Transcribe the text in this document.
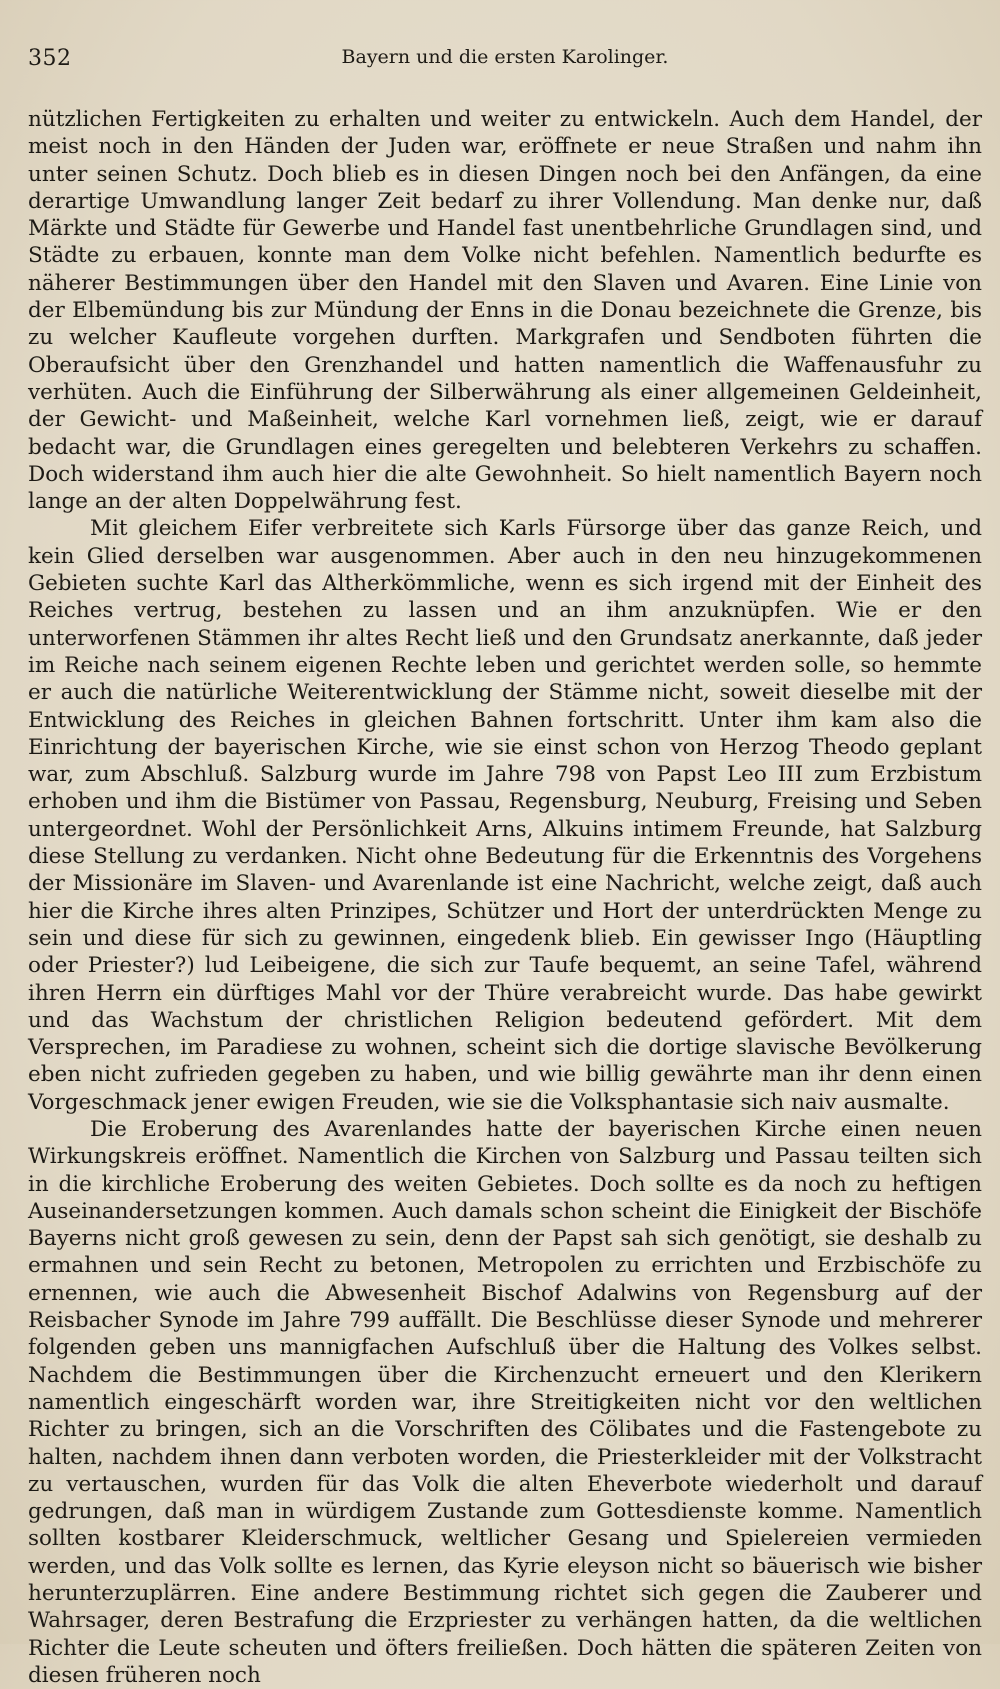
352	Bayern und die ersten Karolinger.

nützlichen Fertigkeiten zu erhalten und weiter zu entwickeln. Auch dem Handel, der meist noch in den Händen der Juden war, eröffnete er neue Straßen und nahm ihn unter seinen Schutz. Doch blieb es in diesen Dingen noch bei den Anfängen, da eine derartige Umwandlung langer Zeit bedarf zu ihrer Vollendung. Man denke nur, daß Märkte und Städte für Gewerbe und Handel fast unentbehrliche Grundlagen sind, und Städte zu erbauen, konnte man dem Volke nicht befehlen. Namentlich bedurfte es näherer Bestimmungen über den Handel mit den Slaven und Avaren. Eine Linie von der Elbemündung bis zur Mündung der Enns in die Donau bezeichnete die Grenze, bis zu welcher Kaufleute vorgehen durften. Markgrafen und Sendboten führten die Oberaufsicht über den Grenzhandel und hatten namentlich die Waffenausfuhr zu verhüten. Auch die Einführung der Silberwährung als einer allgemeinen Geldeinheit, der Gewicht- und Maßeinheit, welche Karl vornehmen ließ, zeigt, wie er darauf bedacht war, die Grundlagen eines geregelten und belebteren Verkehrs zu schaffen. Doch widerstand ihm auch hier die alte Gewohnheit. So hielt namentlich Bayern noch lange an der alten Doppelwährung fest.

Mit gleichem Eifer verbreitete sich Karls Fürsorge über das ganze Reich, und kein Glied derselben war ausgenommen. Aber auch in den neu hinzugekommenen Gebieten suchte Karl das Altherkömmliche, wenn es sich irgend mit der Einheit des Reiches vertrug, bestehen zu lassen und an ihm anzuknüpfen. Wie er den unterworfenen Stämmen ihr altes Recht ließ und den Grundsatz anerkannte, daß jeder im Reiche nach seinem eigenen Rechte leben und gerichtet werden solle, so hemmte er auch die natürliche Weiterentwicklung der Stämme nicht, soweit dieselbe mit der Entwicklung des Reiches in gleichen Bahnen fortschritt. Unter ihm kam also die Einrichtung der bayerischen Kirche, wie sie einst schon von Herzog Theodo geplant war, zum Abschluß. Salzburg wurde im Jahre 798 von Papst Leo III zum Erzbistum erhoben und ihm die Bistümer von Passau, Regensburg, Neuburg, Freising und Seben untergeordnet. Wohl der Persönlichkeit Arns, Alkuins intimem Freunde, hat Salzburg diese Stellung zu verdanken. Nicht ohne Bedeutung für die Erkenntnis des Vorgehens der Missionäre im Slaven- und Avarenlande ist eine Nachricht, welche zeigt, daß auch hier die Kirche ihres alten Prinzipes, Schützer und Hort der unterdrückten Menge zu sein und diese für sich zu gewinnen, eingedenk blieb. Ein gewisser Ingo (Häuptling oder Priester?) lud Leibeigene, die sich zur Taufe bequemt, an seine Tafel, während ihren Herrn ein dürftiges Mahl vor der Thüre verabreicht wurde. Das habe gewirkt und das Wachstum der christlichen Religion bedeutend gefördert. Mit dem Versprechen, im Paradiese zu wohnen, scheint sich die dortige slavische Bevölkerung eben nicht zufrieden gegeben zu haben, und wie billig gewährte man ihr denn einen Vorgeschmack jener ewigen Freuden, wie sie die Volksphantasie sich naiv ausmalte.

Die Eroberung des Avarenlandes hatte der bayerischen Kirche einen neuen Wirkungskreis eröffnet. Namentlich die Kirchen von Salzburg und Passau teilten sich in die kirchliche Eroberung des weiten Gebietes. Doch sollte es da noch zu heftigen Auseinandersetzungen kommen. Auch damals schon scheint die Einigkeit der Bischöfe Bayerns nicht groß gewesen zu sein, denn der Papst sah sich genötigt, sie deshalb zu ermahnen und sein Recht zu betonen, Metropolen zu errichten und Erzbischöfe zu ernennen, wie auch die Abwesenheit Bischof Adalwins von Regensburg auf der Reisbacher Synode im Jahre 799 auffällt. Die Beschlüsse dieser Synode und mehrerer folgenden geben uns mannigfachen Aufschluß über die Haltung des Volkes selbst. Nachdem die Bestimmungen über die Kirchenzucht erneuert und den Klerikern namentlich eingeschärft worden war, ihre Streitigkeiten nicht vor den weltlichen Richter zu bringen, sich an die Vorschriften des Cölibates und die Fastengebote zu halten, nachdem ihnen dann verboten worden, die Priesterkleider mit der Volkstracht zu vertauschen, wurden für das Volk die alten Eheverbote wiederholt und darauf gedrungen, daß man in würdigem Zustande zum Gottesdienste komme. Namentlich sollten kostbarer Kleiderschmuck, weltlicher Gesang und Spielereien vermieden werden, und das Volk sollte es lernen, das Kyrie eleyson nicht so bäuerisch wie bisher herunterzuplärren. Eine andere Bestimmung richtet sich gegen die Zauberer und Wahrsager, deren Bestrafung die Erzpriester zu verhängen hatten, da die weltlichen Richter die Leute scheuten und öfters freiließen. Doch hätten die späteren Zeiten von diesen früheren noch
